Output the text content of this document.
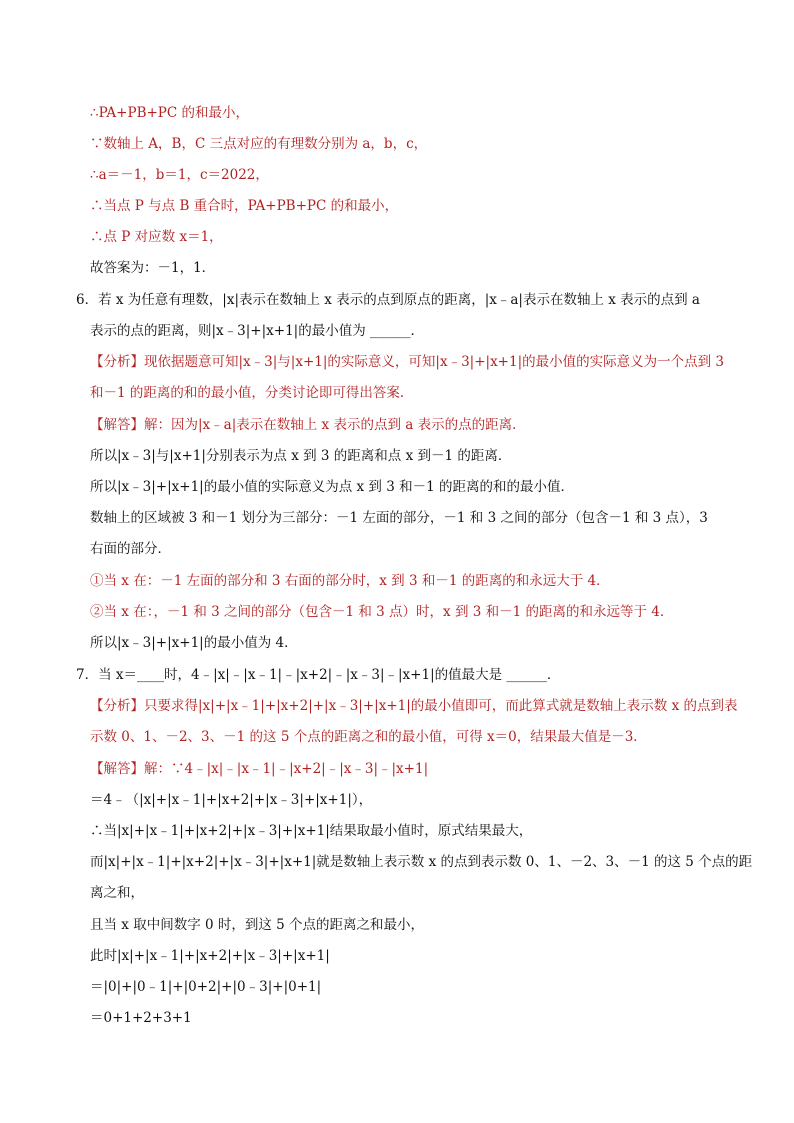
∴PA+PB+PC 的和最小，
∵数轴上 A，B，C 三点对应的有理数分别为 a，b，c，
∴a＝－1，b＝1，c＝2022，
∴当点 P 与点 B 重合时，PA+PB+PC 的和最小，
∴点 P 对应数 x＝1，
故答案为：－1，1．
6．若 x 为任意有理数，|x|表示在数轴上 x 表示的点到原点的距离，|x﹣a|表示在数轴上 x 表示的点到 a
表示的点的距离，则|x﹣3|+|x+1|的最小值为 ______．
【分析】现依据题意可知|x﹣3|与|x+1|的实际意义，可知|x﹣3|+|x+1|的最小值的实际意义为一个点到 3
和－1 的距离的和的最小值，分类讨论即可得出答案．
【解答】解：因为|x﹣a|表示在数轴上 x 表示的点到 a 表示的点的距离．
所以|x﹣3|与|x+1|分别表示为点 x 到 3 的距离和点 x 到－1 的距离．
所以|x﹣3|+|x+1|的最小值的实际意义为点 x 到 3 和－1 的距离的和的最小值．
数轴上的区域被 3 和－1 划分为三部分：－1 左面的部分，－1 和 3 之间的部分（包含－1 和 3 点），3
右面的部分．
①当 x 在：－1 左面的部分和 3 右面的部分时，x 到 3 和－1 的距离的和永远大于 4．
②当 x 在：，－1 和 3 之间的部分（包含－1 和 3 点）时，x 到 3 和－1 的距离的和永远等于 4．
所以|x﹣3|+|x+1|的最小值为 4．
7．当 x＝____时，4﹣|x|﹣|x﹣1|﹣|x+2|﹣|x﹣3|﹣|x+1|的值最大是 ______．
【分析】只要求得|x|+|x﹣1|+|x+2|+|x﹣3|+|x+1|的最小值即可，而此算式就是数轴上表示数 x 的点到表
示数 0、1、－2、3、－1 的这 5 个点的距离之和的最小值，可得 x＝0，结果最大值是－3．
【解答】解：∵4﹣|x|﹣|x﹣1|﹣|x+2|﹣|x﹣3|﹣|x+1|
＝4﹣（|x|+|x﹣1|+|x+2|+|x﹣3|+|x+1|），
∴当|x|+|x﹣1|+|x+2|+|x﹣3|+|x+1|结果取最小值时，原式结果最大，
而|x|+|x﹣1|+|x+2|+|x﹣3|+|x+1|就是数轴上表示数 x 的点到表示数 0、1、－2、3、－1 的这 5 个点的距
离之和，
且当 x 取中间数字 0 时，到这 5 个点的距离之和最小，
此时|x|+|x﹣1|+|x+2|+|x﹣3|+|x+1|
＝|0|+|0﹣1|+|0+2|+|0﹣3|+|0+1|
＝0+1+2+3+1
